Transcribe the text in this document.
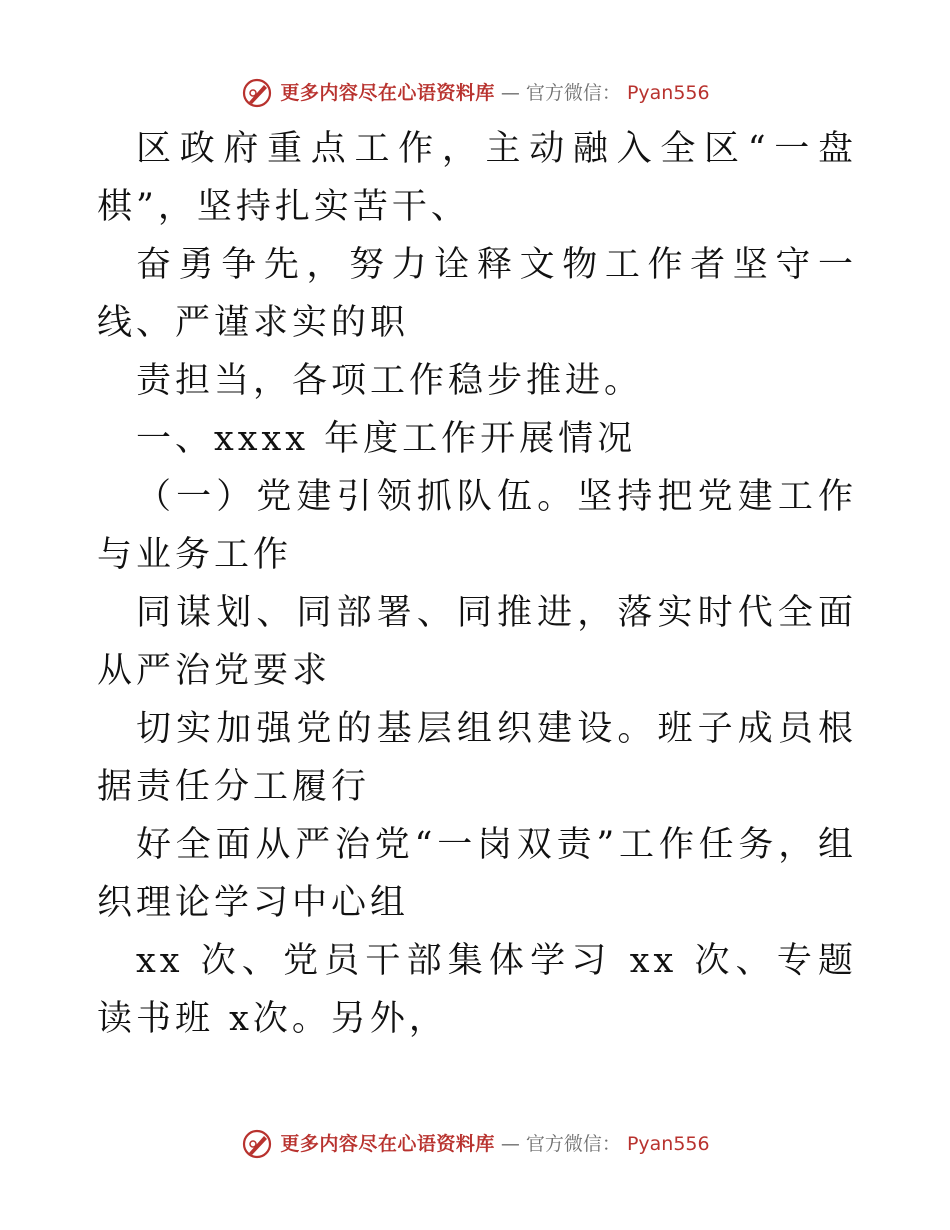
更多内容尽在心语资料库 — 官方微信： Pyan556

区政府重点工作，主动融入全区“一盘棋”，坚持扎实苦干、

奋勇争先，努力诠释文物工作者坚守一线、严谨求实的职

责担当，各项工作稳步推进。

一、xxxx 年度工作开展情况

（一）党建引领抓队伍。坚持把党建工作与业务工作

同谋划、同部署、同推进，落实时代全面从严治党要求

切实加强党的基层组织建设。班子成员根据责任分工履行

好全面从严治党“一岗双责”工作任务，组织理论学习中心组

xx 次、党员干部集体学习 xx 次、专题读书班 x次。另外，

更多内容尽在心语资料库 — 官方微信： Pyan556
